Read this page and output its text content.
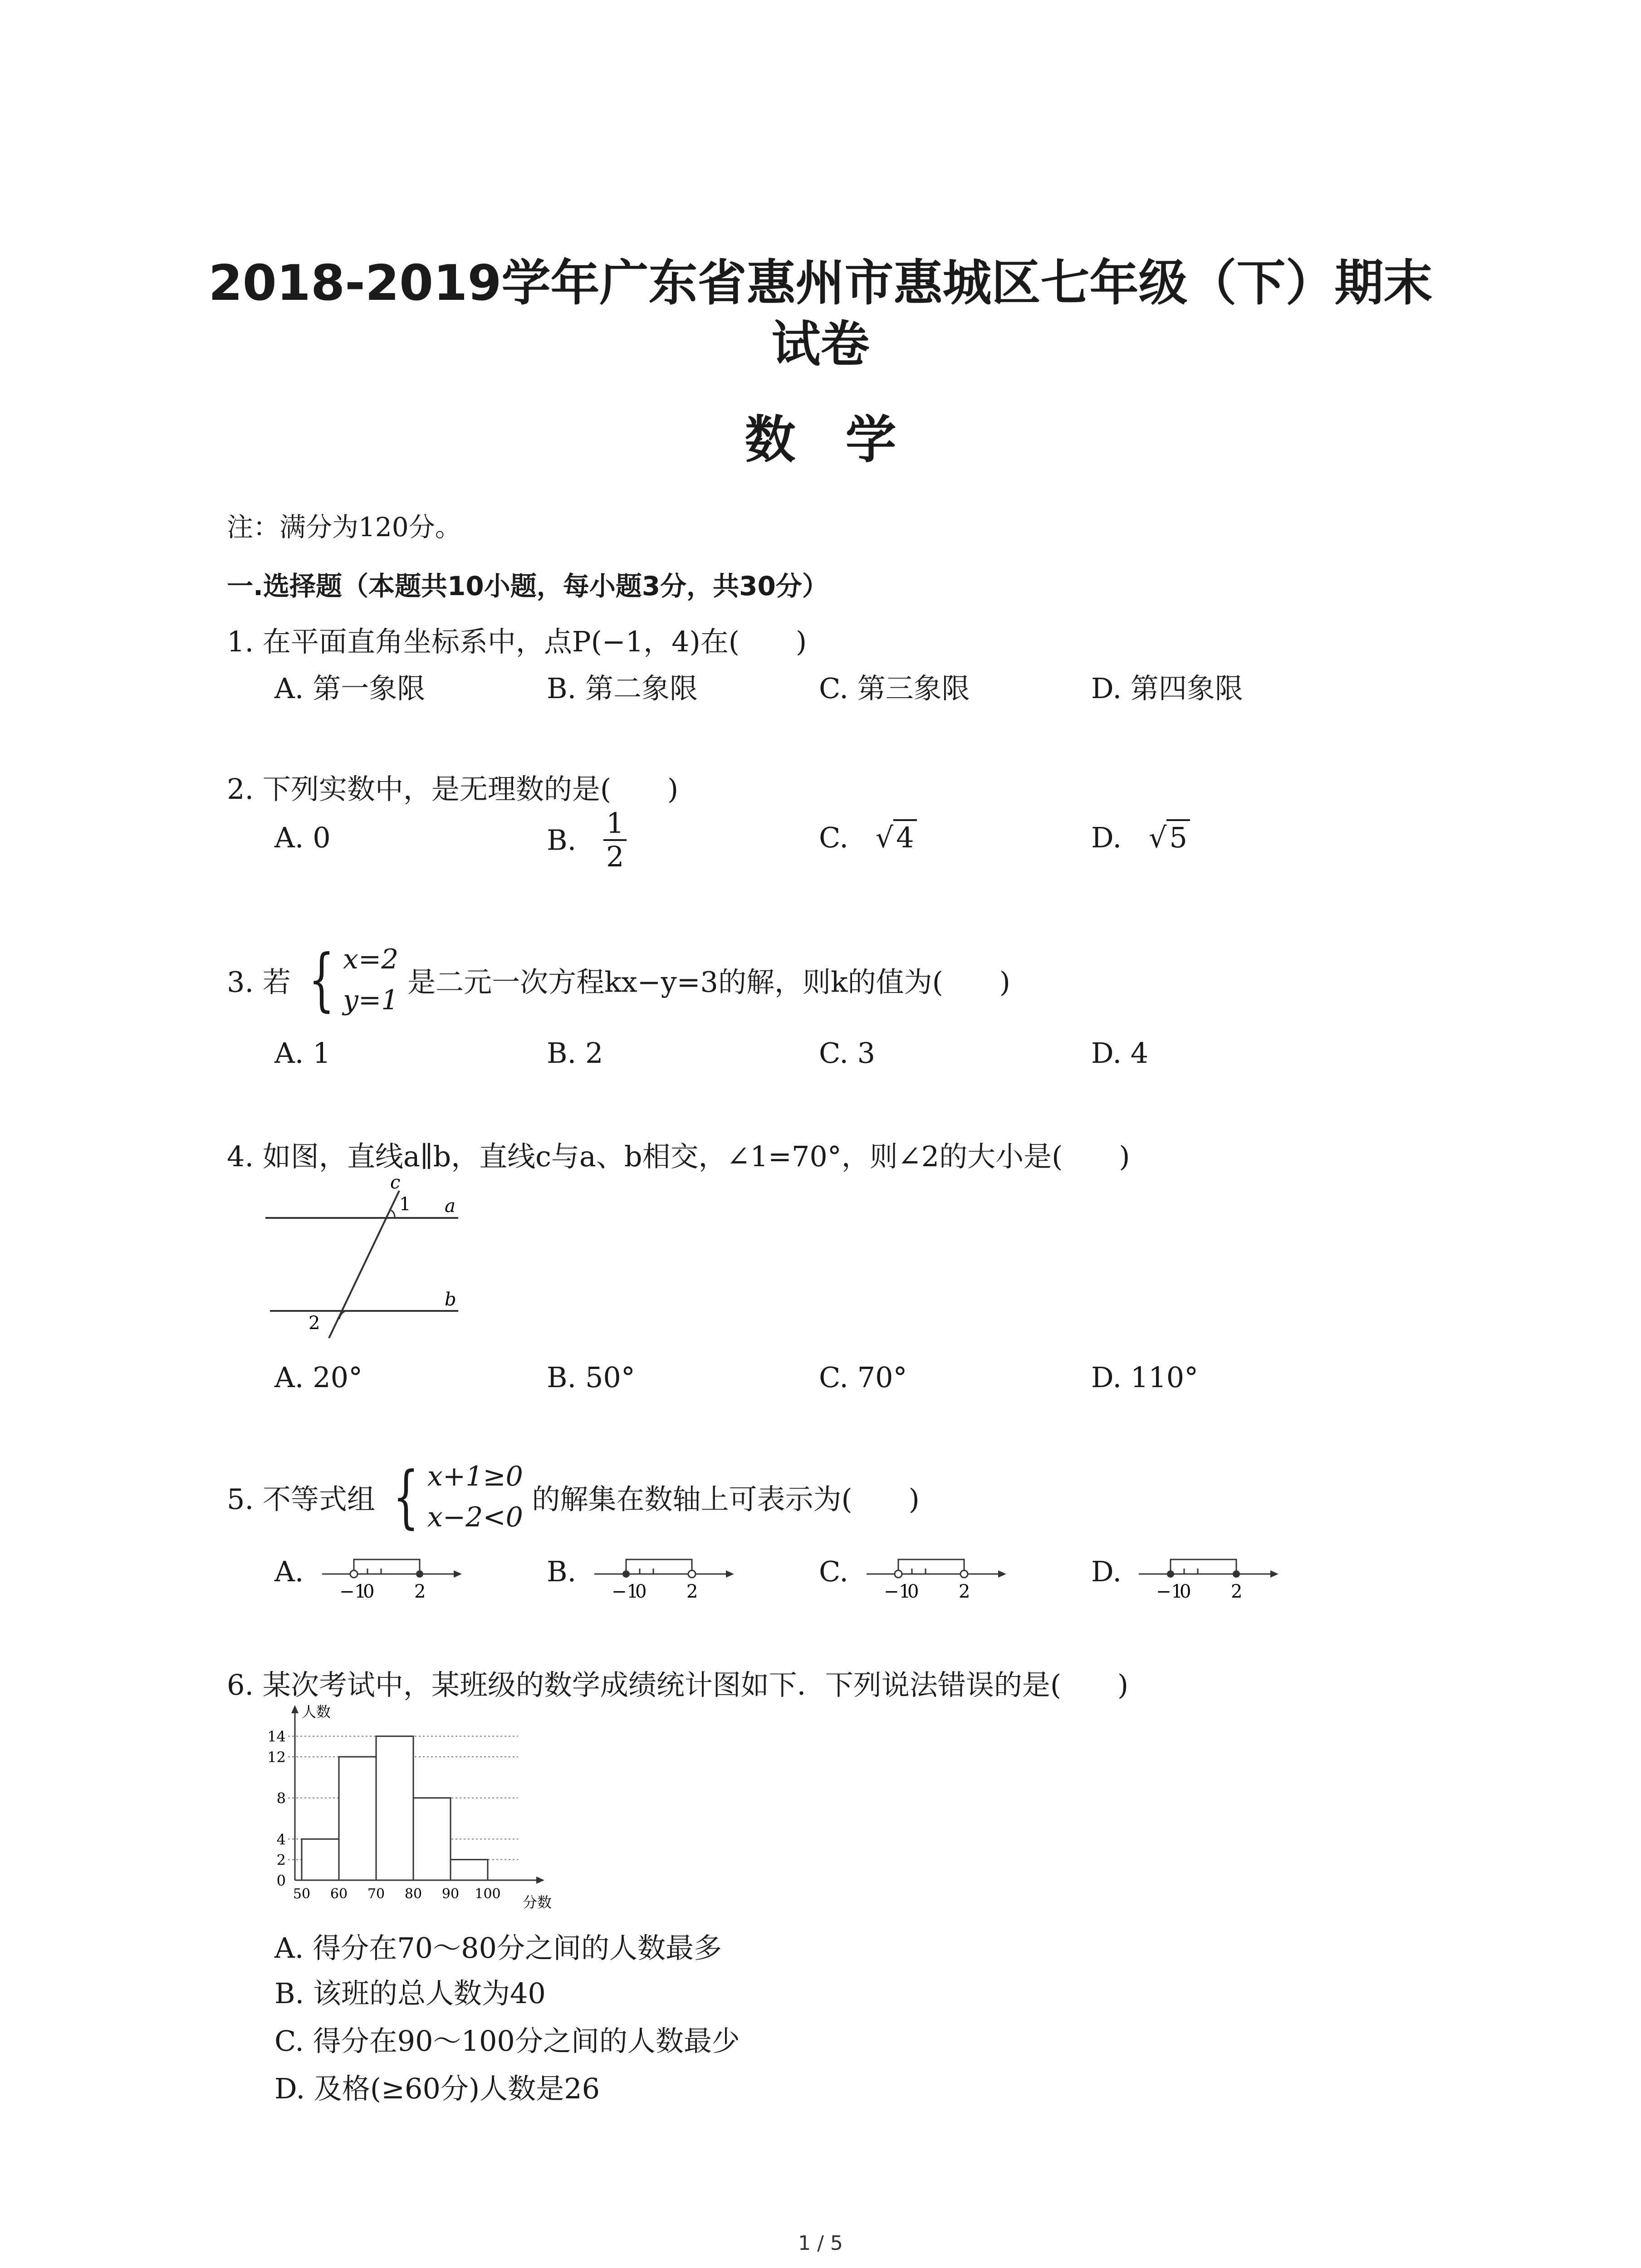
2018-2019学年广东省惠州市惠城区七年级（下）期末
试卷
数学
注：满分为120分。
一.选择题（本题共10小题，每小题3分，共30分）
1. 在平面直角坐标系中，点P(−1，4)在(　　)
A. 第一象限	B. 第二象限	C. 第三象限	D. 第四象限
2. 下列实数中，是无理数的是(　　)
A. 0	B. $\frac{1}{2}$	C. √4	D. √5
3. 若 { x=2
y=1
是二元一次方程kx−y=3的解，则k的值为(　　)
A. 1	B. 2	C. 3	D. 4
4. 如图，直线a∥b，直线c与a、b相交，∠1=70°，则∠2的大小是(　　)
c
1 a
b
2
A. 20°	B. 50°	C. 70°	D. 110°
5. 不等式组 { x+1≥0
x−2<0
的解集在数轴上可表示为(　　)
A.
−1
0 2
B.
−1
0 2
C.
−1
0 2
D.
−1
0 2
6. 某次考试中，某班级的数学成绩统计图如下．下列说法错误的是(　　)
0
2
4
8
12
14
50 60 70 80 90 100
人数
分数
A. 得分在70～80分之间的人数最多
B. 该班的总人数为40
C. 得分在90～100分之间的人数最少
D. 及格(≥60分)人数是26
1 / 5
